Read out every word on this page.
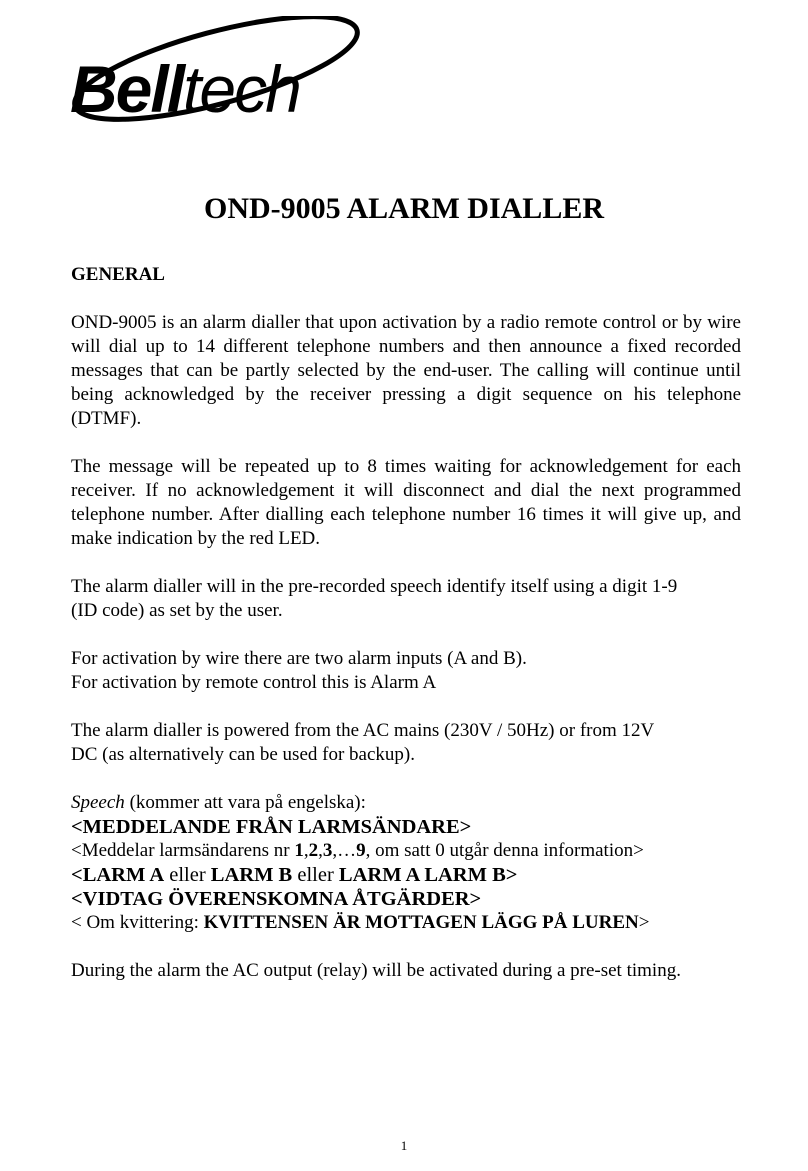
Belltech
OND-9005 ALARM DIALLER
GENERAL

OND-9005 is an alarm dialler that upon activation by a radio remote control or by wire will dial up to 14 different telephone numbers and then announce a fixed recorded messages that can be partly selected by the end-user. The calling will continue until being acknowledged by the receiver pressing a digit sequence on his telephone (DTMF).

The message will be repeated up to 8 times waiting for acknowledgement for each receiver. If no acknowledgement it will disconnect and dial the next programmed telephone number. After dialling each telephone number 16 times it will give up, and make indication by the red LED.

The alarm dialler will in the pre-recorded speech identify itself using a digit 1-9
(ID code) as set by the user.

For activation by wire there are two alarm inputs (A and B).
For activation by remote control this is Alarm A

The alarm dialler is powered from the AC mains (230V / 50Hz) or from 12V
DC (as alternatively can be used for backup).

Speech (kommer att vara på engelska):
<MEDDELANDE FRÅN LARMSÄNDARE>
<Meddelar larmsändarens nr 1,2,3,…9, om satt 0 utgår denna information>
<LARM A eller LARM B eller LARM A LARM B>
<VIDTAG ÖVERENSKOMNA ÅTGÄRDER>
< Om kvittering: KVITTENSEN ÄR MOTTAGEN LÄGG PÅ LUREN>

During the alarm the AC output (relay) will be activated during a pre-set timing.

1
